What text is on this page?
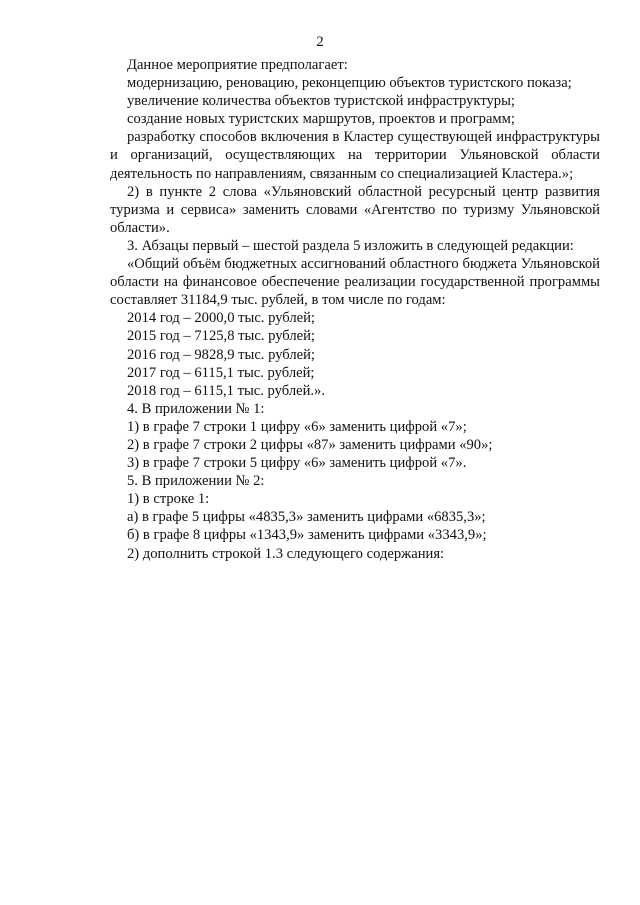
2

Данное мероприятие предполагает:

модернизацию, реновацию, реконцепцию объектов туристского показа;

увеличение количества объектов туристской инфраструктуры;

создание новых туристских маршрутов, проектов и программ;

разработку способов включения в Кластер существующей инфраструктуры и организаций, осуществляющих на территории Ульяновской области деятельность по направлениям, связанным со специализацией Кластера.»;

2) в пункте 2 слова «Ульяновский областной ресурсный центр развития туризма и сервиса» заменить словами «Агентство по туризму Ульяновской области».

3. Абзацы первый – шестой раздела 5 изложить в следующей редакции:

«Общий объём бюджетных ассигнований областного бюджета Ульяновской области на финансовое обеспечение реализации государственной программы составляет 31184,9 тыс. рублей, в том числе по годам:

2014 год – 2000,0 тыс. рублей;

2015 год – 7125,8 тыс. рублей;

2016 год – 9828,9 тыс. рублей;

2017 год – 6115,1 тыс. рублей;

2018 год – 6115,1 тыс. рублей.».

4. В приложении № 1:

1) в графе 7 строки 1 цифру «6» заменить цифрой «7»;

2) в графе 7 строки 2 цифры «87» заменить цифрами «90»;

3) в графе 7 строки 5 цифру «6» заменить цифрой «7».

5. В приложении № 2:

1) в строке 1:

а) в графе 5 цифры «4835,3» заменить цифрами «6835,3»;

б) в графе 8 цифры «1343,9» заменить цифрами «3343,9»;

2) дополнить строкой 1.3 следующего содержания:
